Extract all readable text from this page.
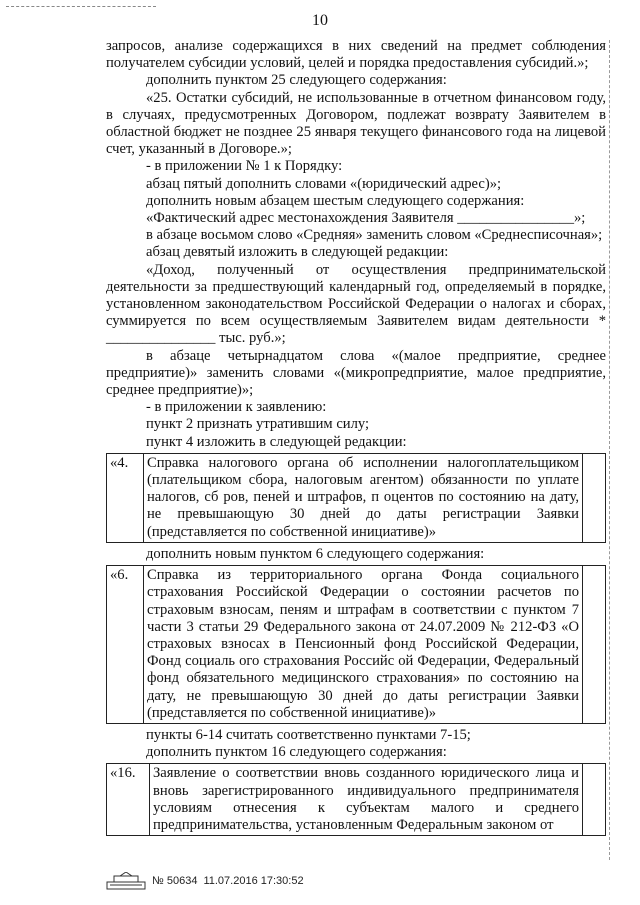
10

запросов, анализе содержащихся в них сведений на предмет соблюдения получателем субсидии условий, целей и порядка предоставления субсидий.»;

дополнить пунктом 25 следующего содержания:

«25. Остатки субсидий, не использованные в отчетном финансовом году, в случаях, предусмотренных Договором, подлежат возврату Заявителем в областной бюджет не позднее 25 января текущего финансового года на лицевой счет, указанный в Договоре.»;

- в приложении № 1 к Порядку:

абзац пятый дополнить словами «(юридический адрес)»;

дополнить новым абзацем шестым следующего содержания:

«Фактический адрес местонахождения Заявителя ________________»;

в абзаце восьмом слово «Средняя» заменить словом «Среднесписочная»;

абзац девятый изложить в следующей редакции:

«Доход, полученный от осуществления предпринимательской деятельности за предшествующий календарный год, определяемый в порядке, установленном законодательством Российской Федерации о налогах и сборах, суммируется по всем осуществляемым Заявителем видам деятельности * _______________ тыс. руб.»;

в абзаце четырнадцатом слова «(малое предприятие, среднее предприятие)» заменить словами «(микропредприятие, малое предприятие, среднее предприятие)»;

- в приложении к заявлению:

пункт 2 признать утратившим силу;

пункт 4 изложить в следующей редакции:

«4.	Справка налогового органа об исполнении налогоплательщиком (плательщиком сбора, налоговым агентом) обязанности по уплате налогов, сб ров, пеней и штрафов, п оцентов по состоянию на дату, не превышающую 30 дней до даты регистрации Заявки (представляется по собственной инициативе)»	

дополнить новым пунктом 6 следующего содержания:

«6.	Справка из территориального органа Фонда социального страхования Российской Федерации о состоянии расчетов по страховым взносам, пеням и штрафам в соответствии с пунктом 7 части 3 статьи 29 Федерального закона от 24.07.2009 № 212-ФЗ «О страховых взносах в Пенсионный фонд Российской Федерации, Фонд социаль ого страхования Российс ой Федерации, Федеральный фонд обязательного медицинского страхования» по состоянию на дату, не превышающую 30 дней до даты регистрации Заявки (представляется по собственной инициативе)»	

пункты 6-14 считать соответственно пунктами 7-15;

дополнить пунктом 16 следующего содержания:

«16.	Заявление о соответствии вновь созданного юридического лица и вновь зарегистрированного индивидуального предпринимателя условиям отнесения к субъектам малого и среднего предпринимательства, установленным Федеральным законом от	
№ 50634 11.07.2016 17:30:52
